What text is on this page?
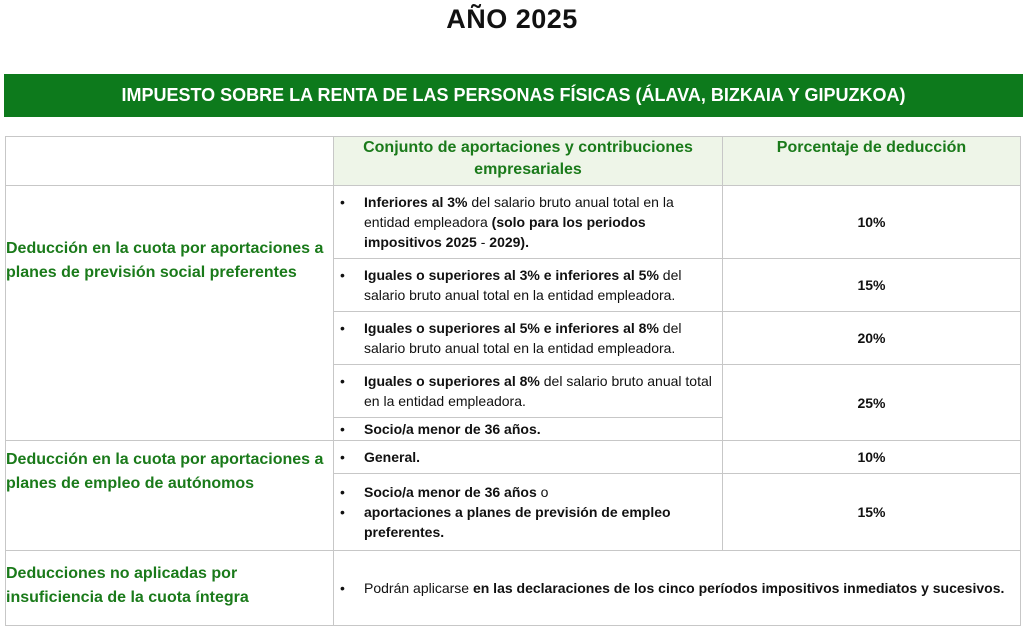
AÑO 2025
IMPUESTO SOBRE LA RENTA DE LAS PERSONAS FÍSICAS (ÁLAVA, BIZKAIA Y GIPUZKOA)
	Conjunto de aportaciones y contribuciones empresariales	Porcentaje de deducción
Deducción en la cuota por aportaciones a planes de previsión social preferentes	• Inferiores al 3% del salario bruto anual total en la entidad empleadora (solo para los periodos impositivos 2025 - 2029).	10%

	• Iguales o superiores al 3% e inferiores al 5% del salario bruto anual total en la entidad empleadora.	15%

	• Iguales o superiores al 5% e inferiores al 8% del salario bruto anual total en la entidad empleadora.	20%

	• Iguales o superiores al 8% del salario bruto anual total en la entidad empleadora.	25%

	• Socio/a menor de 36 años.	

Deducción en la cuota por aportaciones a planes de empleo de autónomos	• General.	10%

	• Socio/a menor de 36 años o
• aportaciones a planes de previsión de empleo preferentes.	15%
Deducciones no aplicadas por insuficiencia de la cuota íntegra	• Podrán aplicarse en las declaraciones de los cinco períodos impositivos inmediatos y sucesivos.	
